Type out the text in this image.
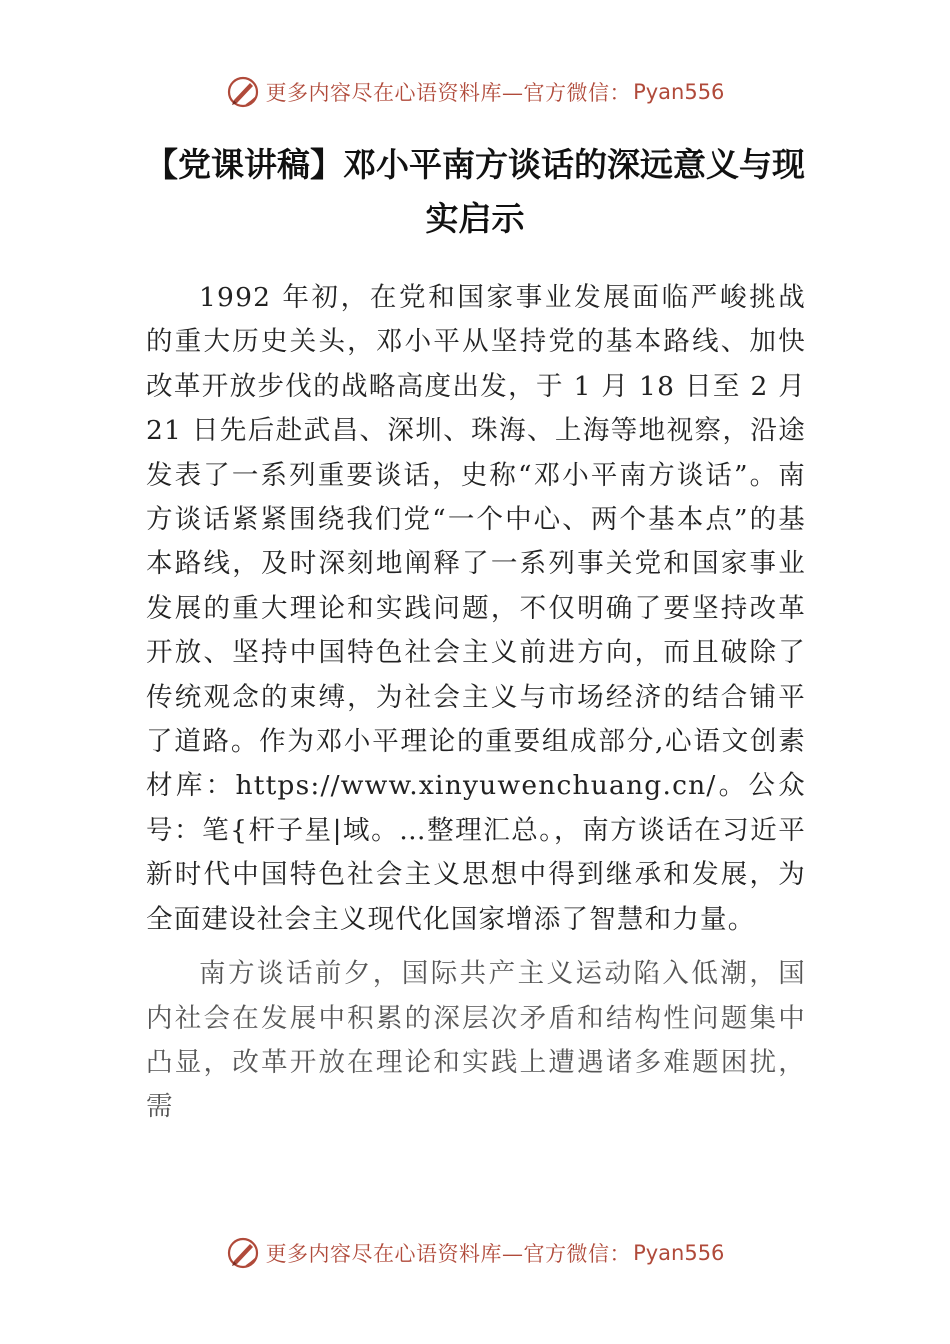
更多内容尽在心语资料库—官方微信： Pyan556
【党课讲稿】邓小平南方谈话的深远意义与现实启示

1992 年初，在党和国家事业发展面临严峻挑战的重大历史关头，邓小平从坚持党的基本路线、加快改革开放步伐的战略高度出发，于 1 月 18 日至 2 月 21 日先后赴武昌、深圳、珠海、上海等地视察，沿途发表了一系列重要谈话，史称“邓小平南方谈话”。南方谈话紧紧围绕我们党“一个中心、两个基本点”的基本路线，及时深刻地阐释了一系列事关党和国家事业发展的重大理论和实践问题，不仅明确了要坚持改革开放、坚持中国特色社会主义前进方向，而且破除了传统观念的束缚，为社会主义与市场经济的结合铺平了道路。作为邓小平理论的重要组成部分,心语文创素材库：https://www.xinyuwenchuang.cn/。公众号：笔{杆子星|域。…整理汇总。，南方谈话在习近平新时代中国特色社会主义思想中得到继承和发展，为全面建设社会主义现代化国家增添了智慧和力量。

南方谈话前夕，国际共产主义运动陷入低潮，国内社会在发展中积累的深层次矛盾和结构性问题集中凸显，改革开放在理论和实践上遭遇诸多难题困扰，需

更多内容尽在心语资料库—官方微信： Pyan556
